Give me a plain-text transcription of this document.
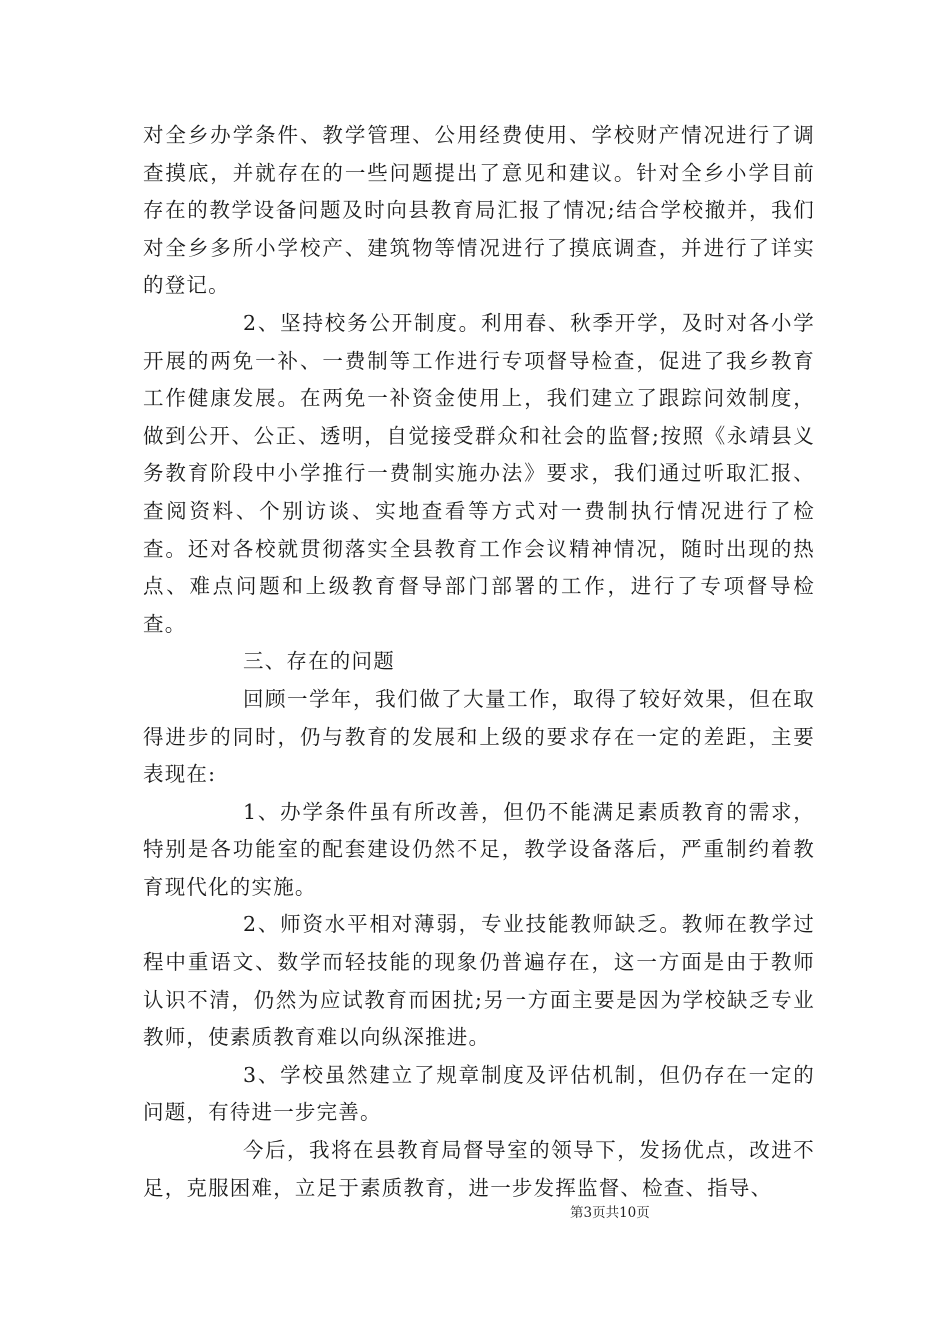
对全乡办学条件、教学管理、公用经费使用、学校财产情况进行了调查摸底，并就存在的一些问题提出了意见和建议。针对全乡小学目前存在的教学设备问题及时向县教育局汇报了情况;结合学校撤并，我们对全乡多所小学校产、建筑物等情况进行了摸底调查，并进行了详实的登记。

2、坚持校务公开制度。利用春、秋季开学，及时对各小学开展的两免一补、一费制等工作进行专项督导检查，促进了我乡教育工作健康发展。在两免一补资金使用上，我们建立了跟踪问效制度，做到公开、公正、透明，自觉接受群众和社会的监督;按照《永靖县义务教育阶段中小学推行一费制实施办法》要求，我们通过听取汇报、查阅资料、个别访谈、实地查看等方式对一费制执行情况进行了检查。还对各校就贯彻落实全县教育工作会议精神情况，随时出现的热点、难点问题和上级教育督导部门部署的工作，进行了专项督导检查。

三、存在的问题

回顾一学年，我们做了大量工作，取得了较好效果，但在取得进步的同时，仍与教育的发展和上级的要求存在一定的差距，主要表现在:

1、办学条件虽有所改善，但仍不能满足素质教育的需求，特别是各功能室的配套建设仍然不足，教学设备落后，严重制约着教育现代化的实施。

2、师资水平相对薄弱，专业技能教师缺乏。教师在教学过程中重语文、数学而轻技能的现象仍普遍存在，这一方面是由于教师认识不清，仍然为应试教育而困扰;另一方面主要是因为学校缺乏专业教师，使素质教育难以向纵深推进。

3、学校虽然建立了规章制度及评估机制，但仍存在一定的问题，有待进一步完善。

今后，我将在县教育局督导室的领导下，发扬优点，改进不足，克服困难，立足于素质教育，进一步发挥监督、检查、指导、

第3页共10页
